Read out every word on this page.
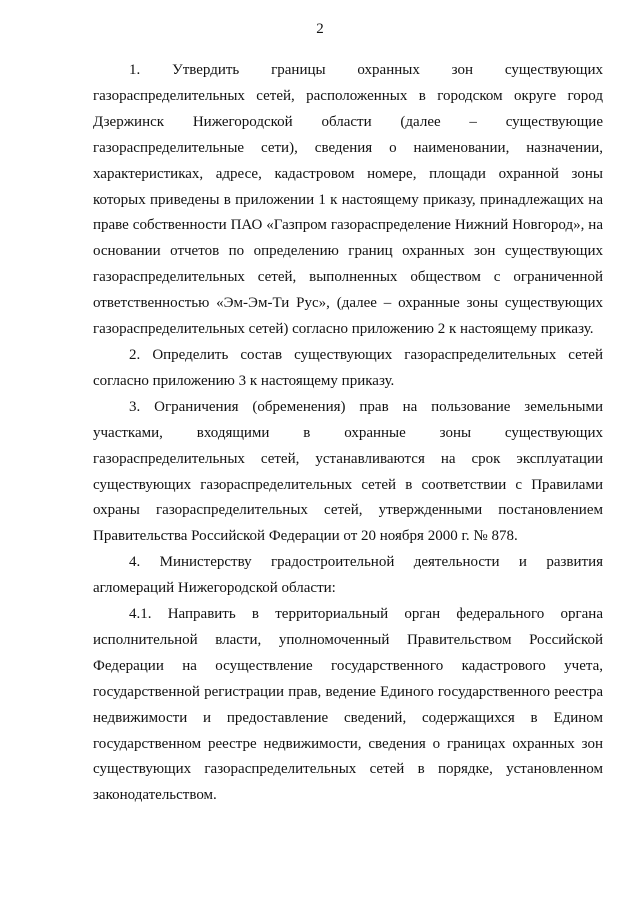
2

1. Утвердить границы охранных зон существующих газораспределительных сетей, расположенных в городском округе город Дзержинск Нижегородской области (далее – существующие газораспределительные сети), сведения о наименовании, назначении, характеристиках, адресе, кадастровом номере, площади охранной зоны которых приведены в приложении 1 к настоящему приказу, принадлежащих на праве собственности ПАО «Газпром газораспределение Нижний Новгород», на основании отчетов по определению границ охранных зон существующих газораспределительных сетей, выполненных обществом с ограниченной ответственностью «Эм-Эм-Ти Рус», (далее – охранные зоны существующих газораспределительных сетей) согласно приложению 2 к настоящему приказу.

2. Определить состав существующих газораспределительных сетей согласно приложению 3 к настоящему приказу.

3. Ограничения (обременения) прав на пользование земельными участками, входящими в охранные зоны существующих газораспределительных сетей, устанавливаются на срок эксплуатации существующих газораспределительных сетей в соответствии с Правилами охраны газораспределительных сетей, утвержденными постановлением Правительства Российской Федерации от 20 ноября 2000 г. № 878.

4. Министерству градостроительной деятельности и развития агломераций Нижегородской области:

4.1. Направить в территориальный орган федерального органа исполнительной власти, уполномоченный Правительством Российской Федерации на осуществление государственного кадастрового учета, государственной регистрации прав, ведение Единого государственного реестра недвижимости и предоставление сведений, содержащихся в Едином государственном реестре недвижимости, сведения о границах охранных зон существующих газораспределительных сетей в порядке, установленном законодательством.
